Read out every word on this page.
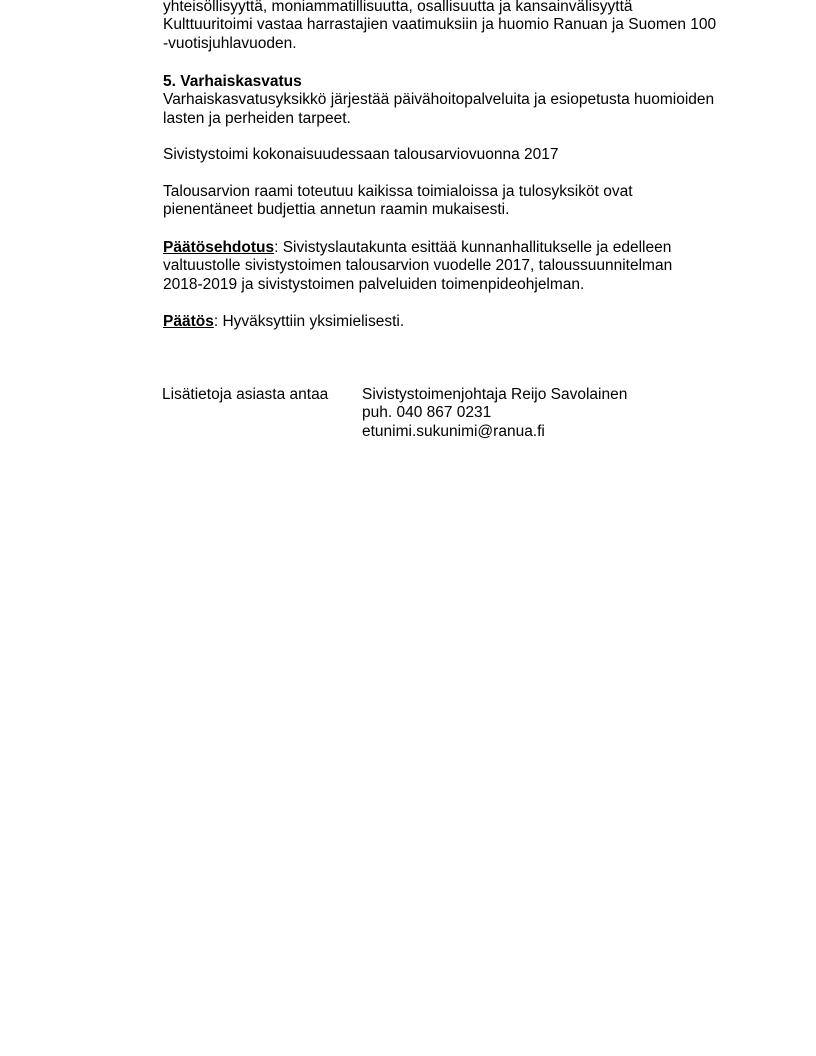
yhteisöllisyyttä, moniammatillisuutta, osallisuutta ja kansainvälisyyttä
Kulttuuritoimi vastaa harrastajien vaatimuksiin ja huomio Ranuan ja Suomen 100
-vuotisjuhlavuoden.
5. Varhaiskasvatus
Varhaiskasvatusyksikkö järjestää päivähoitopalveluita ja esiopetusta huomioiden
lasten ja perheiden tarpeet.
Sivistystoimi kokonaisuudessaan talousarviovuonna 2017
Talousarvion raami toteutuu kaikissa toimialoissa ja tulosyksiköt ovat
pienentäneet budjettia annetun raamin mukaisesti.
Päätösehdotus: Sivistyslautakunta esittää kunnanhallitukselle ja edelleen
valtuustolle sivistystoimen talousarvion vuodelle 2017, taloussuunnitelman
2018-2019 ja sivistystoimen palveluiden toimenpideohjelman.
Päätös: Hyväksyttiin yksimielisesti.
Lisätietoja asiasta antaa Sivistystoimenjohtaja Reijo Savolainen
puh. 040 867 0231
etunimi.sukunimi@ranua.fi
